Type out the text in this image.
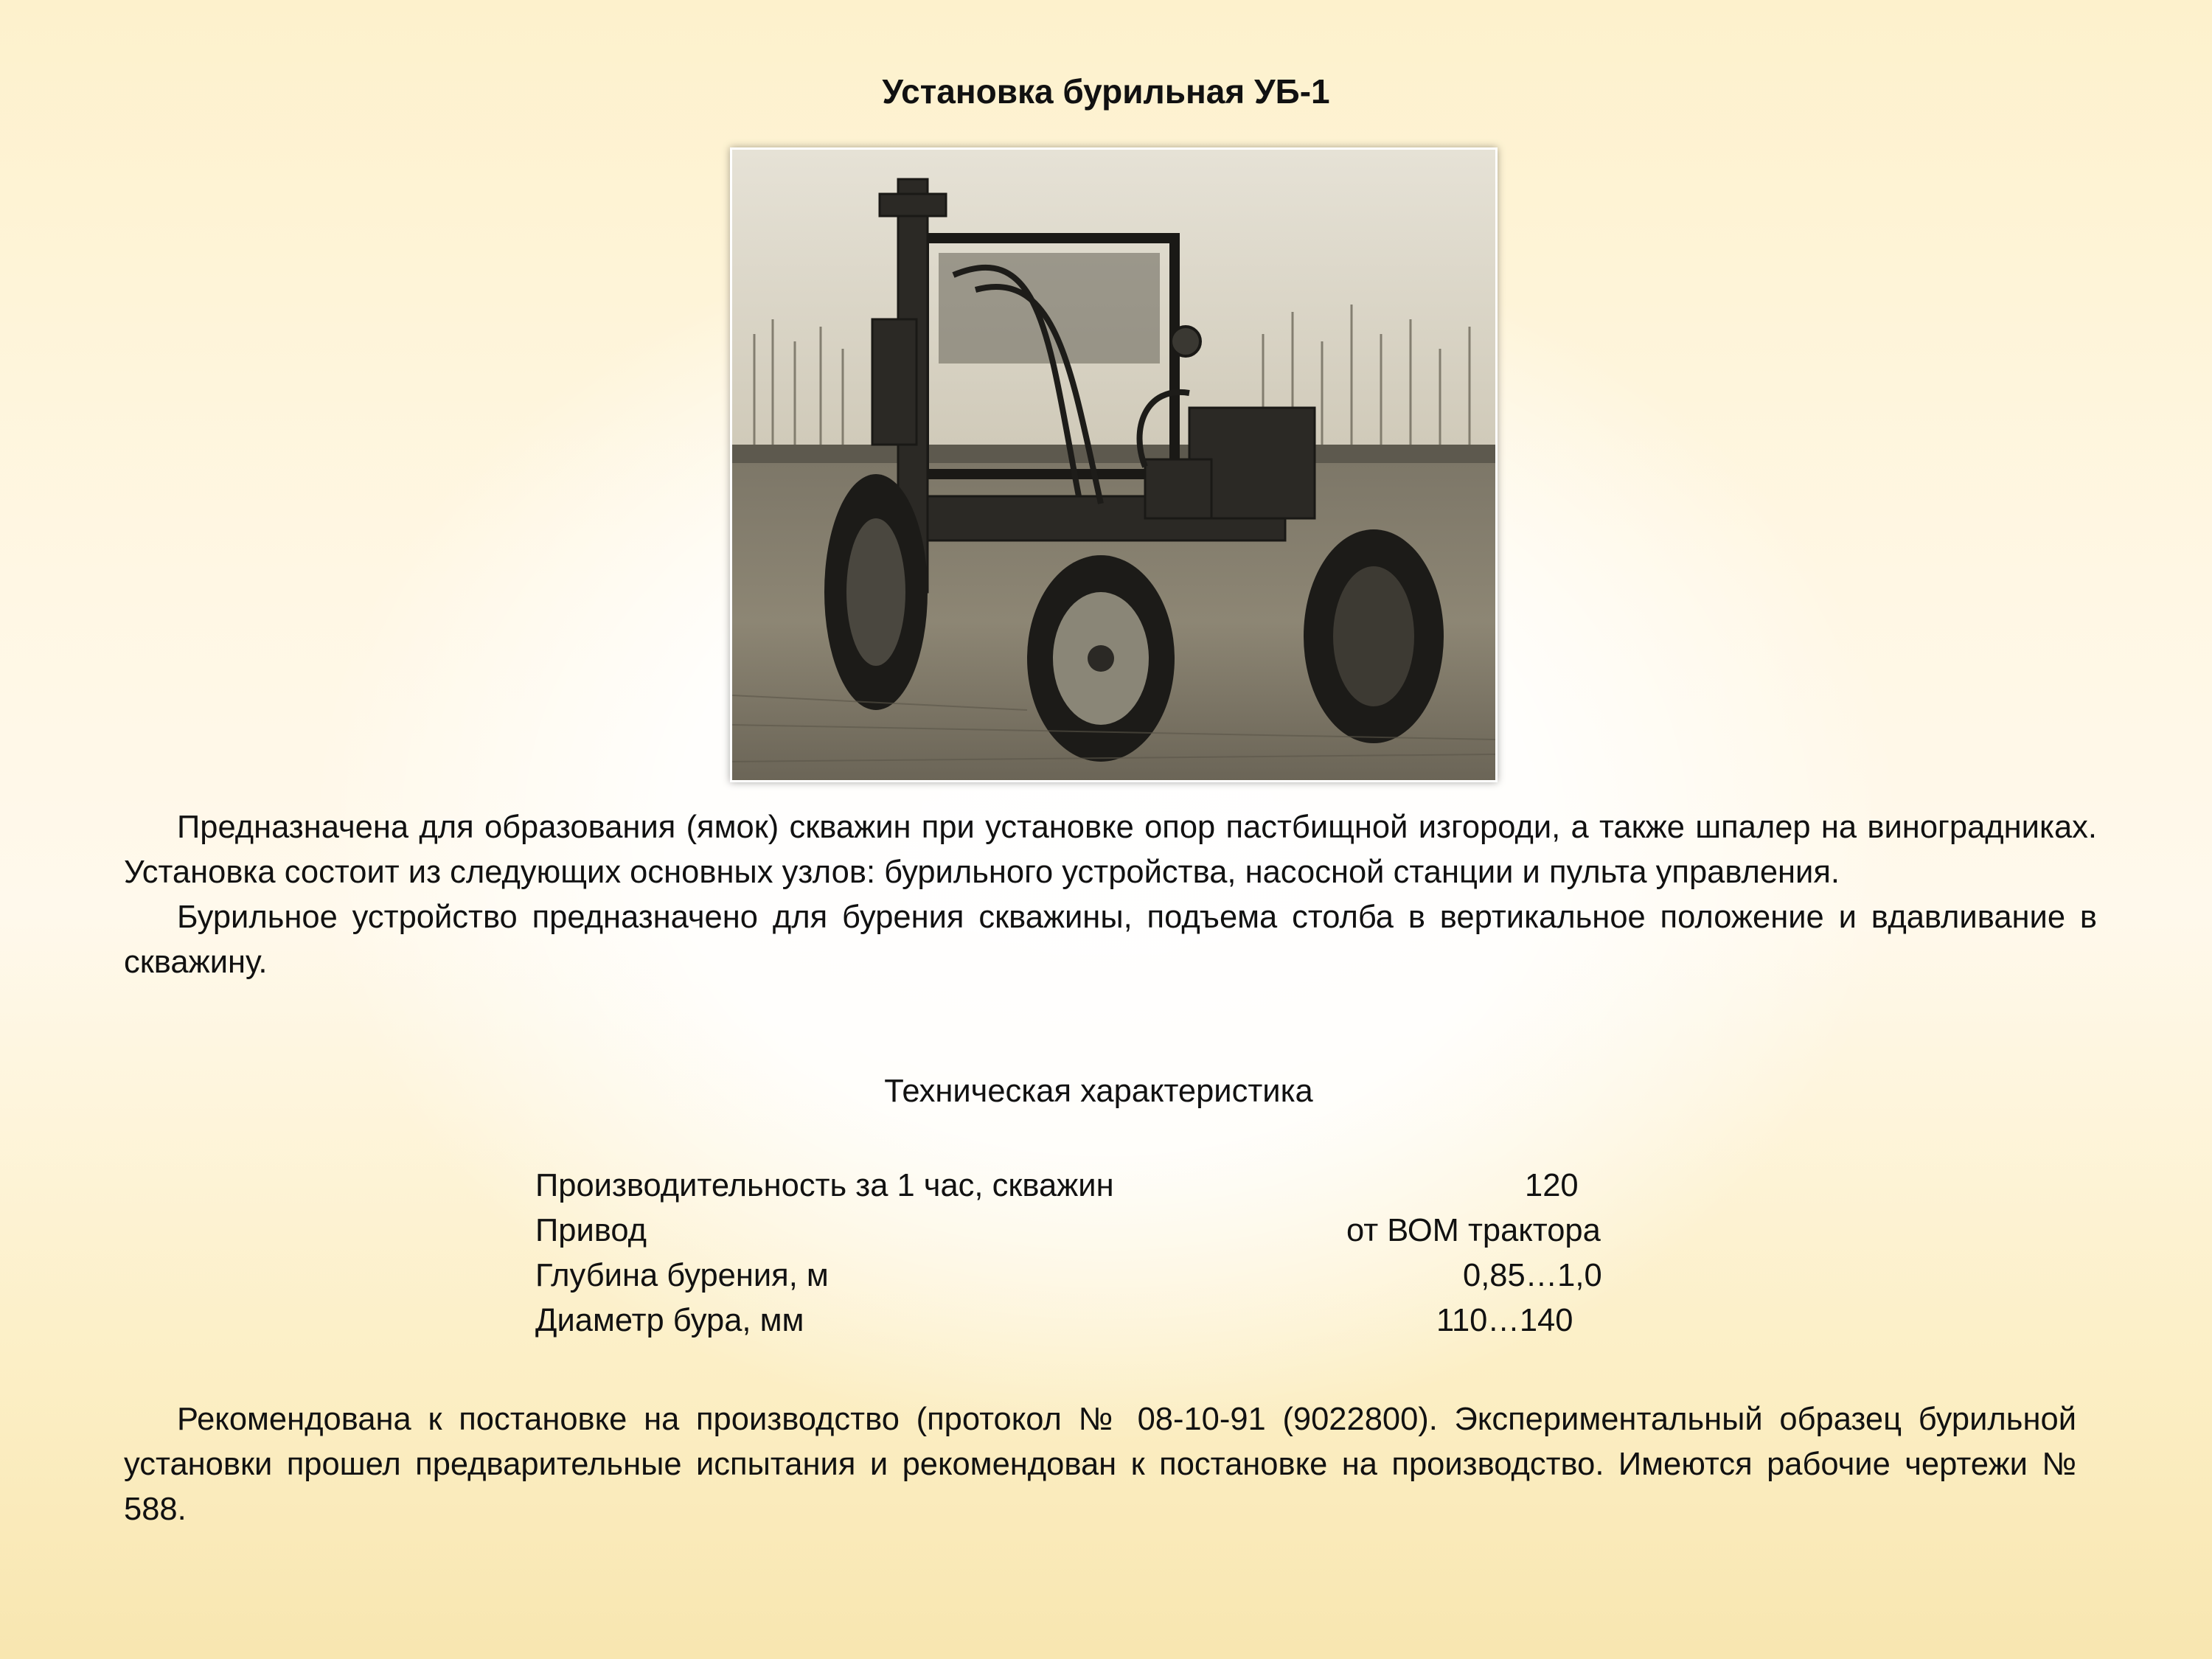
Установка бурильная УБ-1

Предназначена для образования (ямок) скважин при установке опор пастбищной изгороди, а также шпалер на виноградниках. Установка состоит из следующих основных узлов: бурильного устройства, насосной станции и пульта управления.

Бурильное устройство предназначено для бурения скважины, подъема столба в вертикальное положение и вдавливание в скважину.

Техническая характеристика
Производительность за 1 час, скважин	120
Привод	от ВОМ трактора
Глубина бурения, м	0,85…1,0
Диаметр бура, мм	110…140

Рекомендована к постановке на производство (протокол № 08-10-91 (9022800). Экспериментальный образец бурильной установки прошел предварительные испытания и рекомендован к постановке на производство. Имеются рабочие чертежи № 588.
